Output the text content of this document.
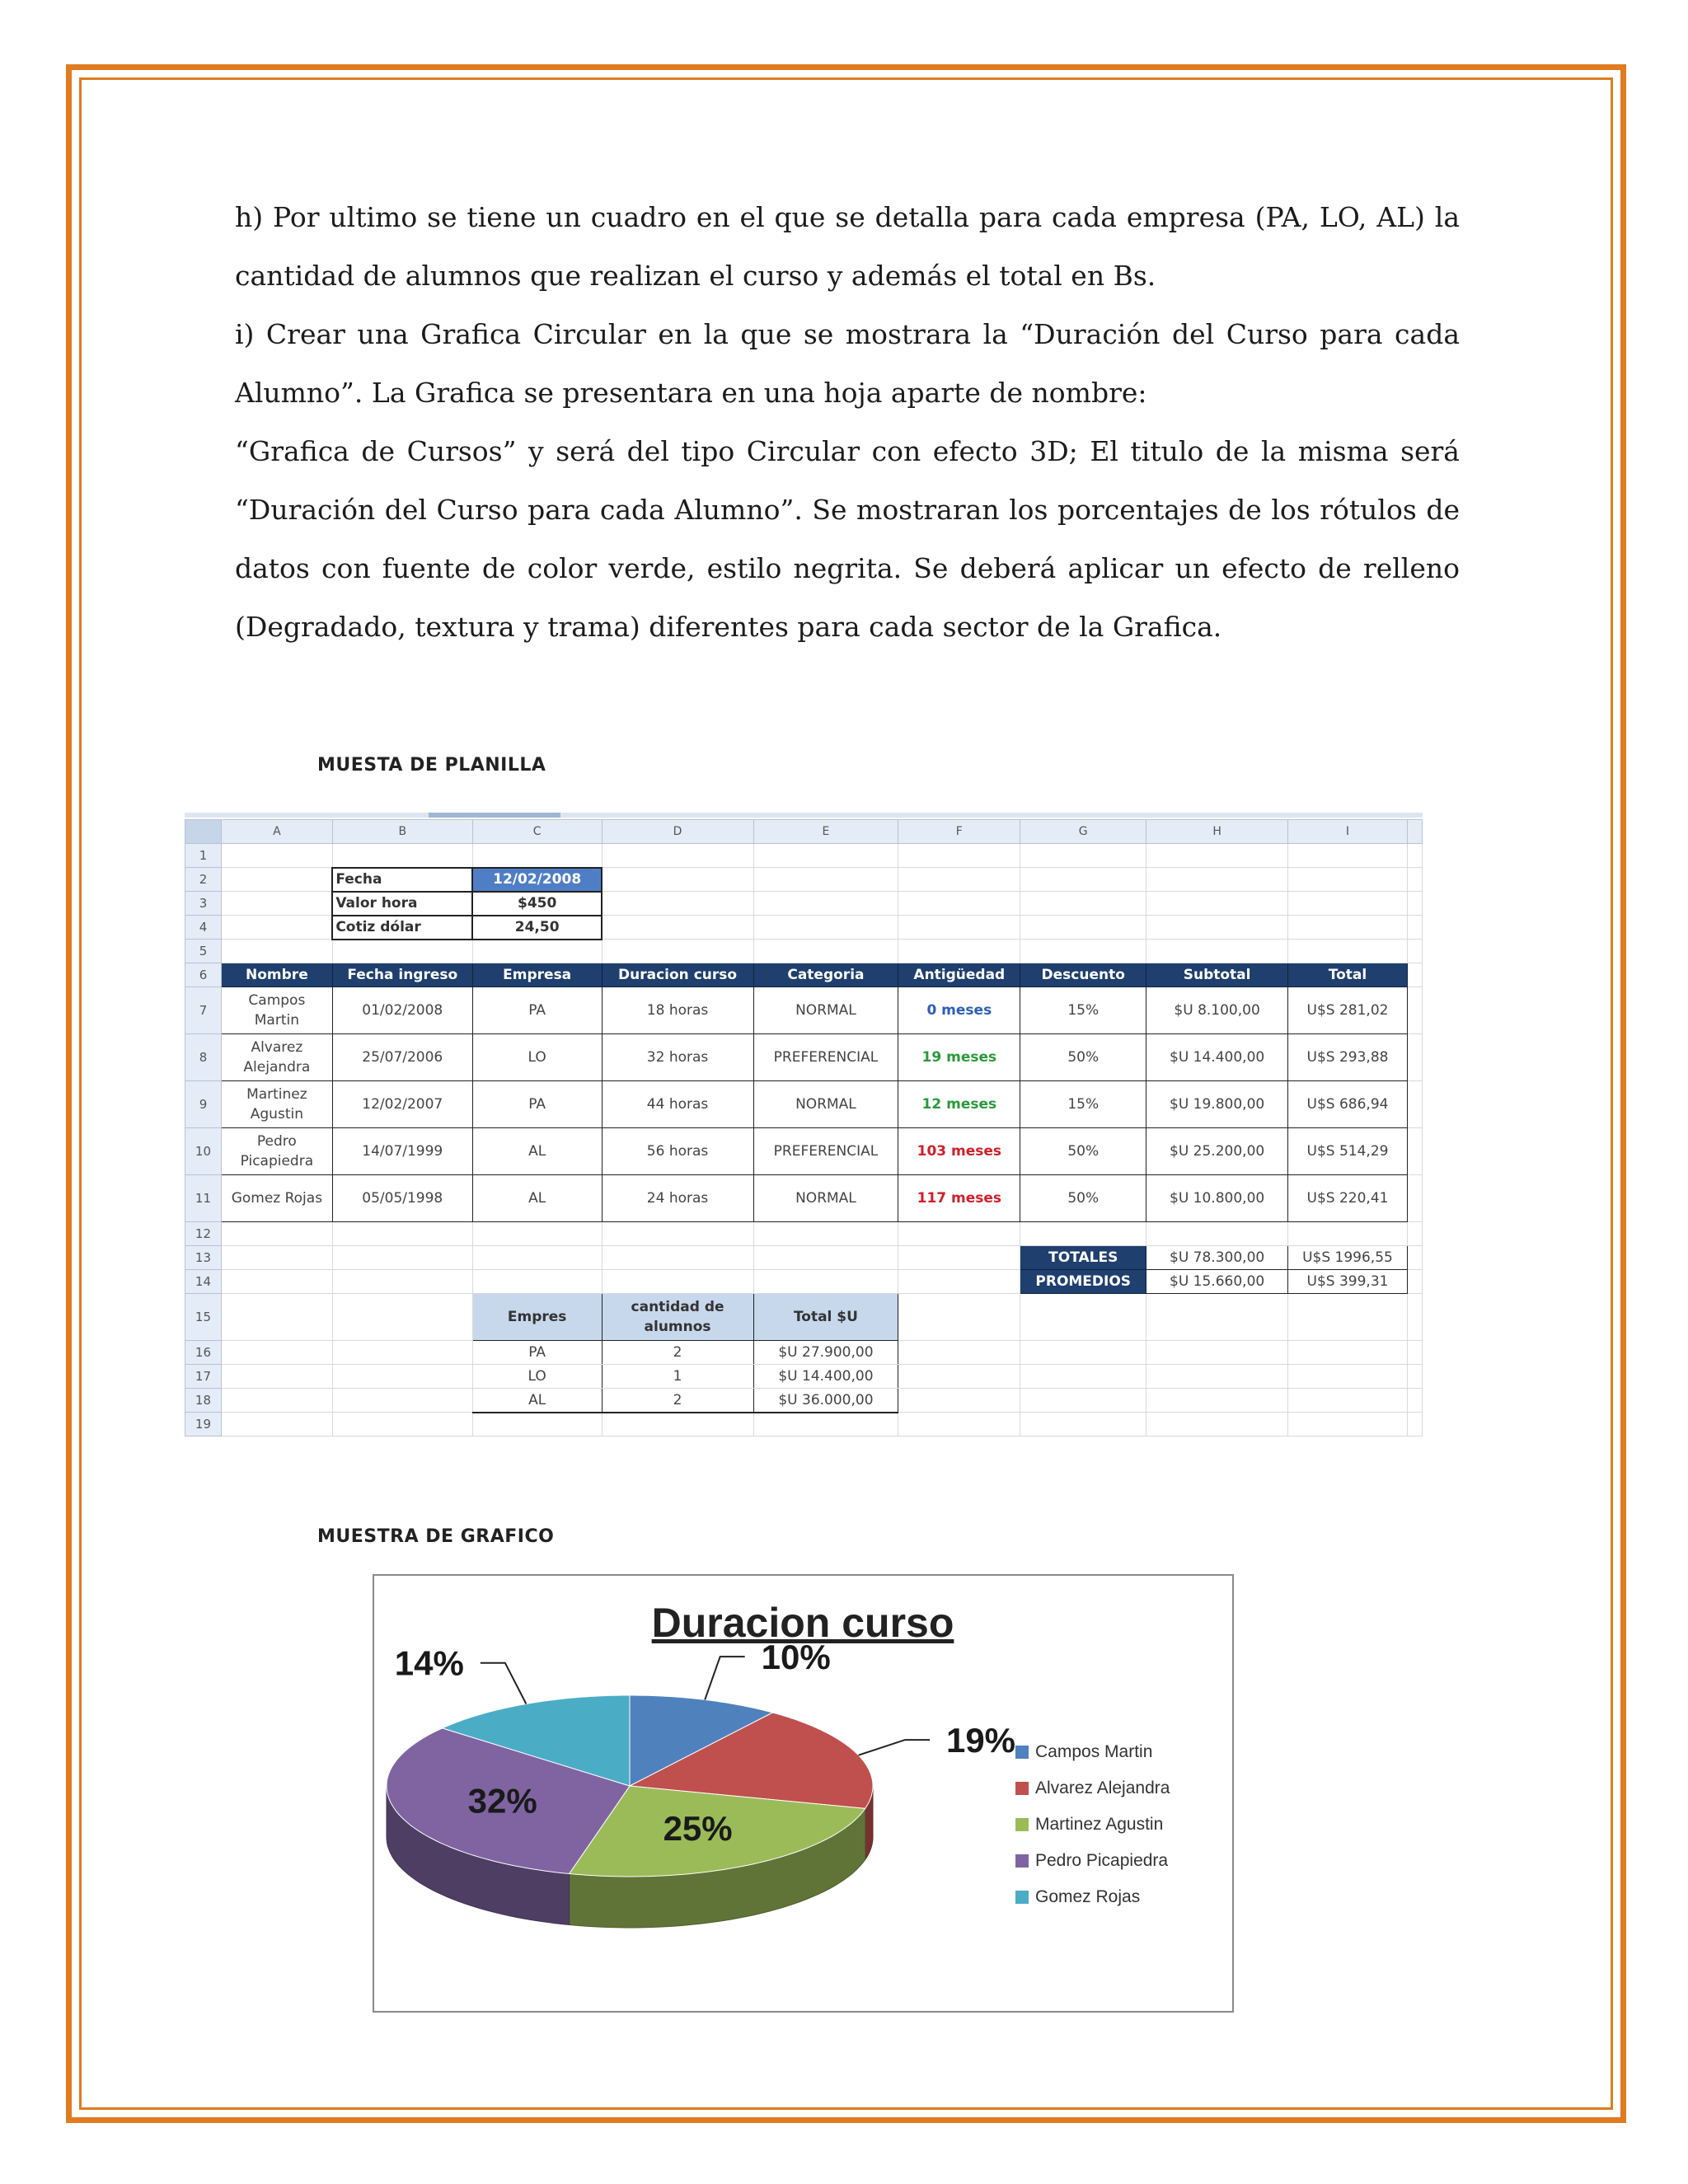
h) Por ultimo se tiene un cuadro en el que se detalla para cada empresa (PA, LO, AL) la cantidad de alumnos que realizan el curso y además el total en Bs.

i) Crear una Grafica Circular en la que se mostrara la “Duración del Curso para cada Alumno”. La Grafica se presentara en una hoja aparte de nombre:

“Grafica de Cursos” y será del tipo Circular con efecto 3D; El titulo de la misma será “Duración del Curso para cada Alumno”. Se mostraran los porcentajes de los rótulos de datos con fuente de color verde, estilo negrita. Se deberá aplicar un efecto de relleno (Degradado, textura y trama) diferentes para cada sector de la Grafica.

MUESTA DE PLANILLA
	A	B	C	D	E	F	G	H	I	
1										
2		Fecha	12/02/2008							
3		Valor hora	$450							
4		Cotiz dólar	24,50							
5										
6	Nombre	Fecha ingreso	Empresa	Duracion curso	Categoria	Antigüedad	Descuento	Subtotal	Total	
7	Campos Martin	01/02/2008	PA	18 horas	NORMAL	0 meses	15%	$U 8.100,00	U$S 281,02	
8	Alvarez Alejandra	25/07/2006	LO	32 horas	PREFERENCIAL	19 meses	50%	$U 14.400,00	U$S 293,88	
9	Martinez Agustin	12/02/2007	PA	44 horas	NORMAL	12 meses	15%	$U 19.800,00	U$S 686,94	
10	Pedro Picapiedra	14/07/1999	AL	56 horas	PREFERENCIAL	103 meses	50%	$U 25.200,00	U$S 514,29	
11	Gomez Rojas	05/05/1998	AL	24 horas	NORMAL	117 meses	50%	$U 10.800,00	U$S 220,41	
12										
13							TOTALES	$U 78.300,00	U$S 1996,55	
14							PROMEDIOS	$U 15.660,00	U$S 399,31	
15			Empres	cantidad de alumnos	Total $U					
16			PA	2	$U 27.900,00					
17			LO	1	$U 14.400,00					
18			AL	2	$U 36.000,00					
19										
MUESTRA DE GRAFICO
Duracion curso
10%
19%
25%
32%
14%
Campos Martin
Alvarez Alejandra
Martinez Agustin
Pedro Picapiedra
Gomez Rojas
